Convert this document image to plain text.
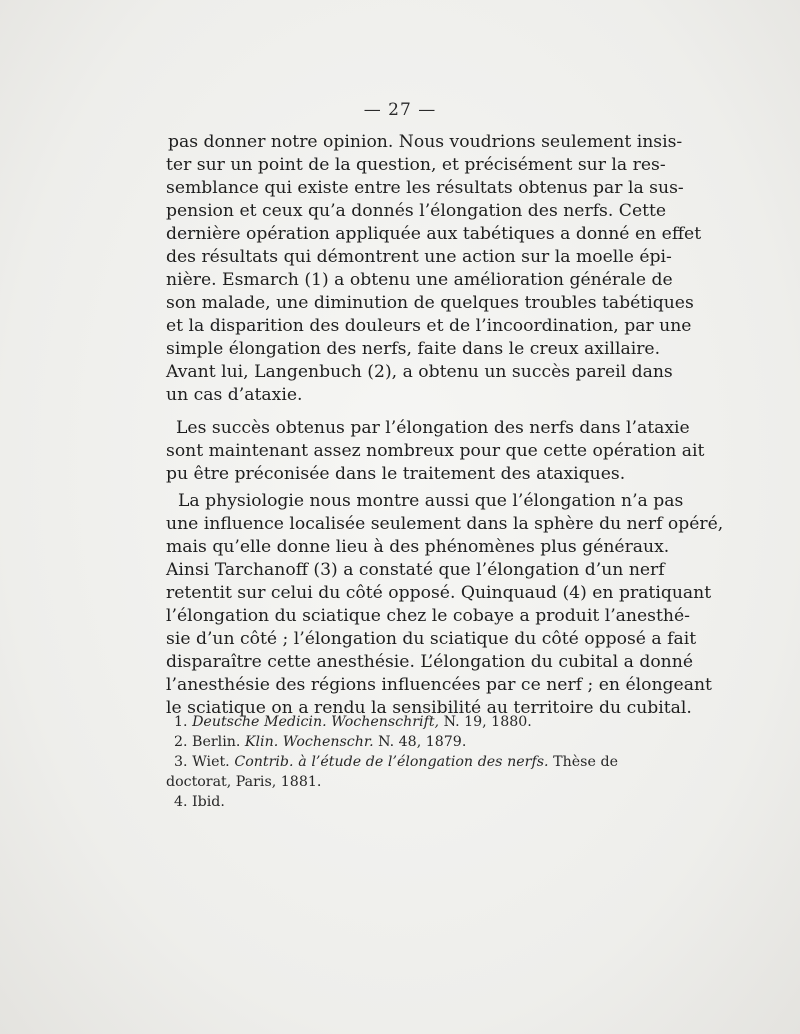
— 27 —
pas donner notre opinion. Nous voudrions seulement insis-
ter sur un point de la question, et précisément sur la res-
semblance qui existe entre les résultats obtenus par la sus-
pension et ceux qu’a donnés l’élongation des nerfs. Cette
dernière opération appliquée aux tabétiques a donné en effet
des résultats qui démontrent une action sur la moelle épi-
nière. Esmarch (1) a obtenu une amélioration générale de
son malade, une diminution de quelques troubles tabétiques
et la disparition des douleurs et de l’incoordination, par une
simple élongation des nerfs, faite dans le creux axillaire.
Avant lui, Langenbuch (2), a obtenu un succès pareil dans
un cas d’ataxie.
Les succès obtenus par l’élongation des nerfs dans l’ataxie
sont maintenant assez nombreux pour que cette opération ait
pu être préconisée dans le traitement des ataxiques.
La physiologie nous montre aussi que l’élongation n’a pas
une influence localisée seulement dans la sphère du nerf opéré,
mais qu’elle donne lieu à des phénomènes plus généraux.
Ainsi Tarchanoff (3) a constaté que l’élongation d’un nerf
retentit sur celui du côté opposé. Quinquaud (4) en pratiquant
l’élongation du sciatique chez le cobaye a produit l’anesthé-
sie d’un côté ; l’élongation du sciatique du côté opposé a fait
disparaître cette anesthésie. L’élongation du cubital a donné
l’anesthésie des régions influencées par ce nerf ; en élongeant
le sciatique on a rendu la sensibilité au territoire du cubital.
1. Deutsche Medicin. Wochenschrift, N. 19, 1880.
2. Berlin. Klin. Wochenschr. N. 48, 1879.
3. Wiet. Contrib. à l’étude de l’élongation des nerfs. Thèse de
doctorat, Paris, 1881.
4. Ibid.
